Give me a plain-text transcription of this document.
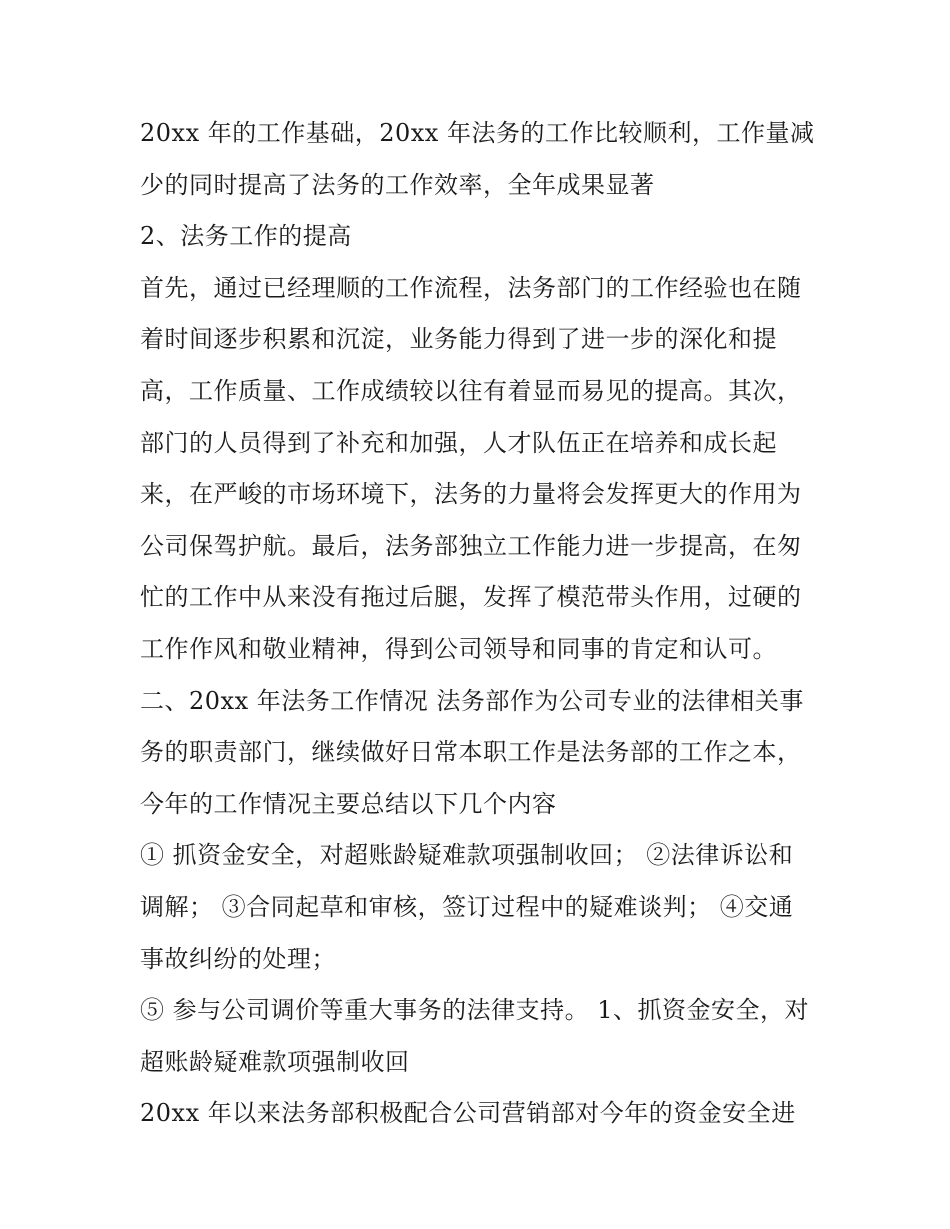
20xx 年的工作基础，20xx 年法务的工作比较顺利，工作量减
少的同时提高了法务的工作效率，全年成果显著
2、法务工作的提高
首先，通过已经理顺的工作流程，法务部门的工作经验也在随
着时间逐步积累和沉淀，业务能力得到了进一步的深化和提
高，工作质量、工作成绩较以往有着显而易见的提高。其次，
部门的人员得到了补充和加强，人才队伍正在培养和成长起
来，在严峻的市场环境下，法务的力量将会发挥更大的作用为
公司保驾护航。最后，法务部独立工作能力进一步提高，在匆
忙的工作中从来没有拖过后腿，发挥了模范带头作用，过硬的
工作作风和敬业精神，得到公司领导和同事的肯定和认可。
二、20xx 年法务工作情况 法务部作为公司专业的法律相关事
务的职责部门，继续做好日常本职工作是法务部的工作之本，
今年的工作情况主要总结以下几个内容
① 抓资金安全，对超账龄疑难款项强制收回； ②法律诉讼和
调解； ③合同起草和审核，签订过程中的疑难谈判； ④交通
事故纠纷的处理；
⑤ 参与公司调价等重大事务的法律支持。 1、抓资金安全，对
超账龄疑难款项强制收回
20xx 年以来法务部积极配合公司营销部对今年的资金安全进
